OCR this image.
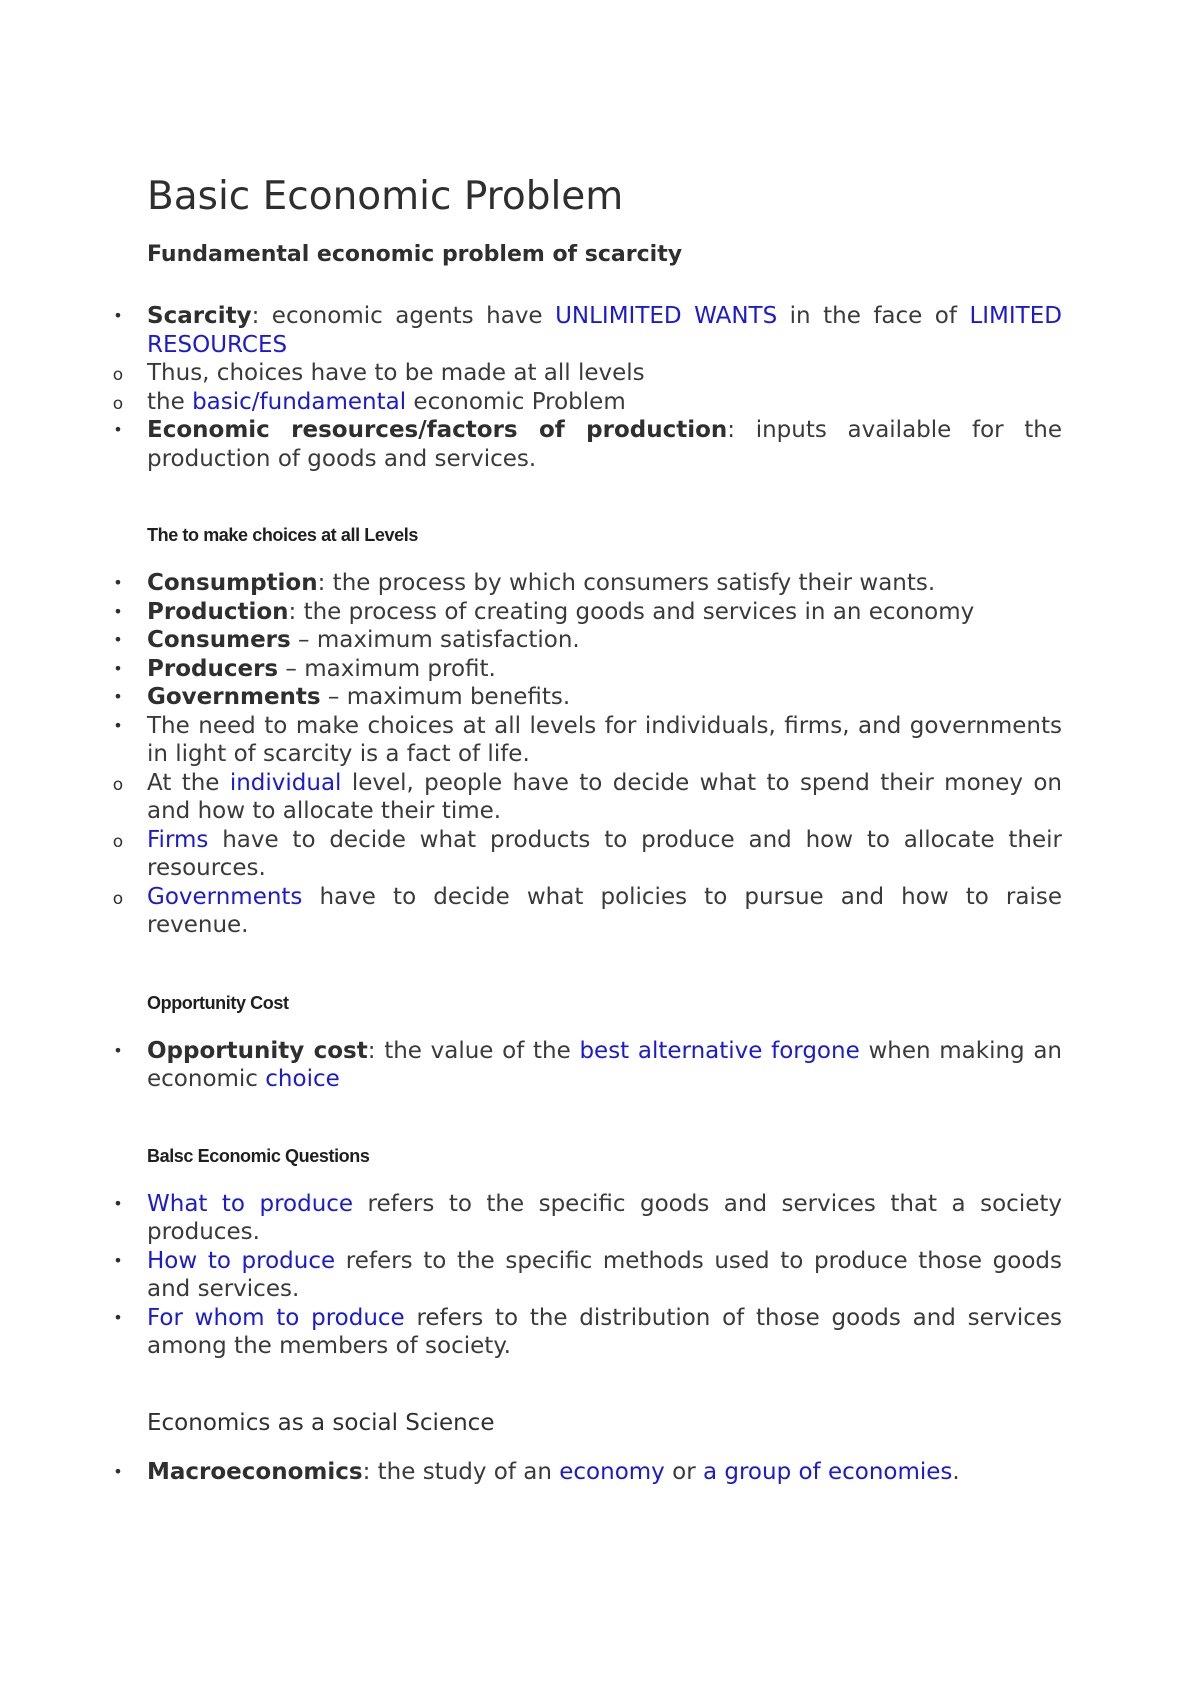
Basic Economic Problem
Fundamental economic problem of scarcity
• Scarcity: economic agents have UNLIMITED WANTS in the face of LIMITED RESOURCES
o Thus, choices have to be made at all levels
o the basic/fundamental economic Problem
• Economic resources/factors of production: inputs available for the production of goods and services.
The to make choices at all Levels
• Consumption: the process by which consumers satisfy their wants.
• Production: the process of creating goods and services in an economy
• Consumers – maximum satisfaction.
• Producers – maximum profit.
• Governments – maximum benefits.
• The need to make choices at all levels for individuals, firms, and governments in light of scarcity is a fact of life.
o At the individual level, people have to decide what to spend their money on and how to allocate their time.
o Firms have to decide what products to produce and how to allocate their resources.
o Governments have to decide what policies to pursue and how to raise revenue.
Opportunity Cost
• Opportunity cost: the value of the best alternative forgone when making an economic choice
Balsc Economic Questions
• What to produce refers to the specific goods and services that a society produces.
• How to produce refers to the specific methods used to produce those goods and services.
• For whom to produce refers to the distribution of those goods and services among the members of society.
Economics as a social Science
• Macroeconomics: the study of an economy or a group of economies.
